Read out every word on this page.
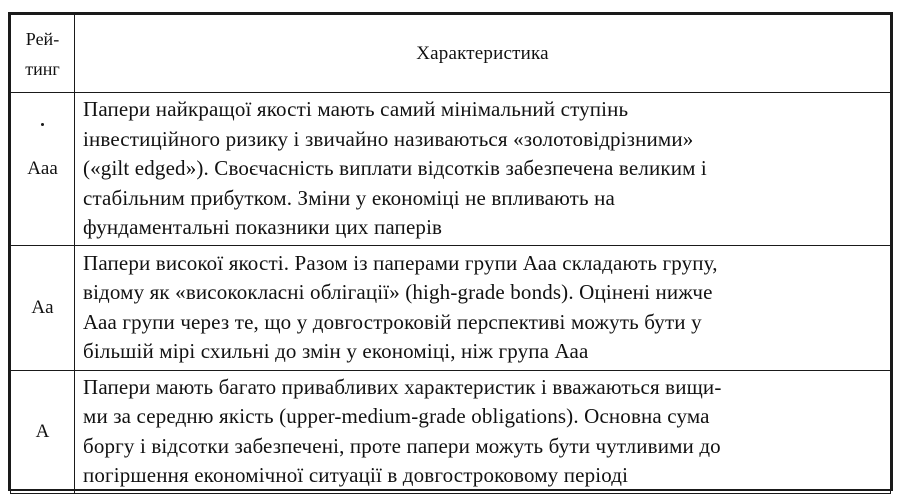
Рей-
тинг	Характеристика
Aaa	Папери найкращої якості мають самий мінімальний ступінь
інвестиційного ризику і звичайно називаються «золотовідрізними»
(«gilt edged»). Своєчасність виплати відсотків забезпечена великим і
стабільним прибутком. Зміни у економіці не впливають на
фундаментальні показники цих паперів

Aa	Папери високої якості. Разом із паперами групи Ааа складають групу,
відому як «висококласні облігації» (high-grade bonds). Оцінені нижче
Ааа групи через те, що у довгостроковій перспективі можуть бути у
більшій мірі схильні до змін у економіці, ніж група Ааа

A	Папери мають багато привабливих характеристик і вважаються вищи-
ми за середню якість (upper-medium-grade obligations). Основна сума
боргу і відсотки забезпечені, проте папери можуть бути чутливими до
погіршення економічної ситуації в довгостроковому періоді
